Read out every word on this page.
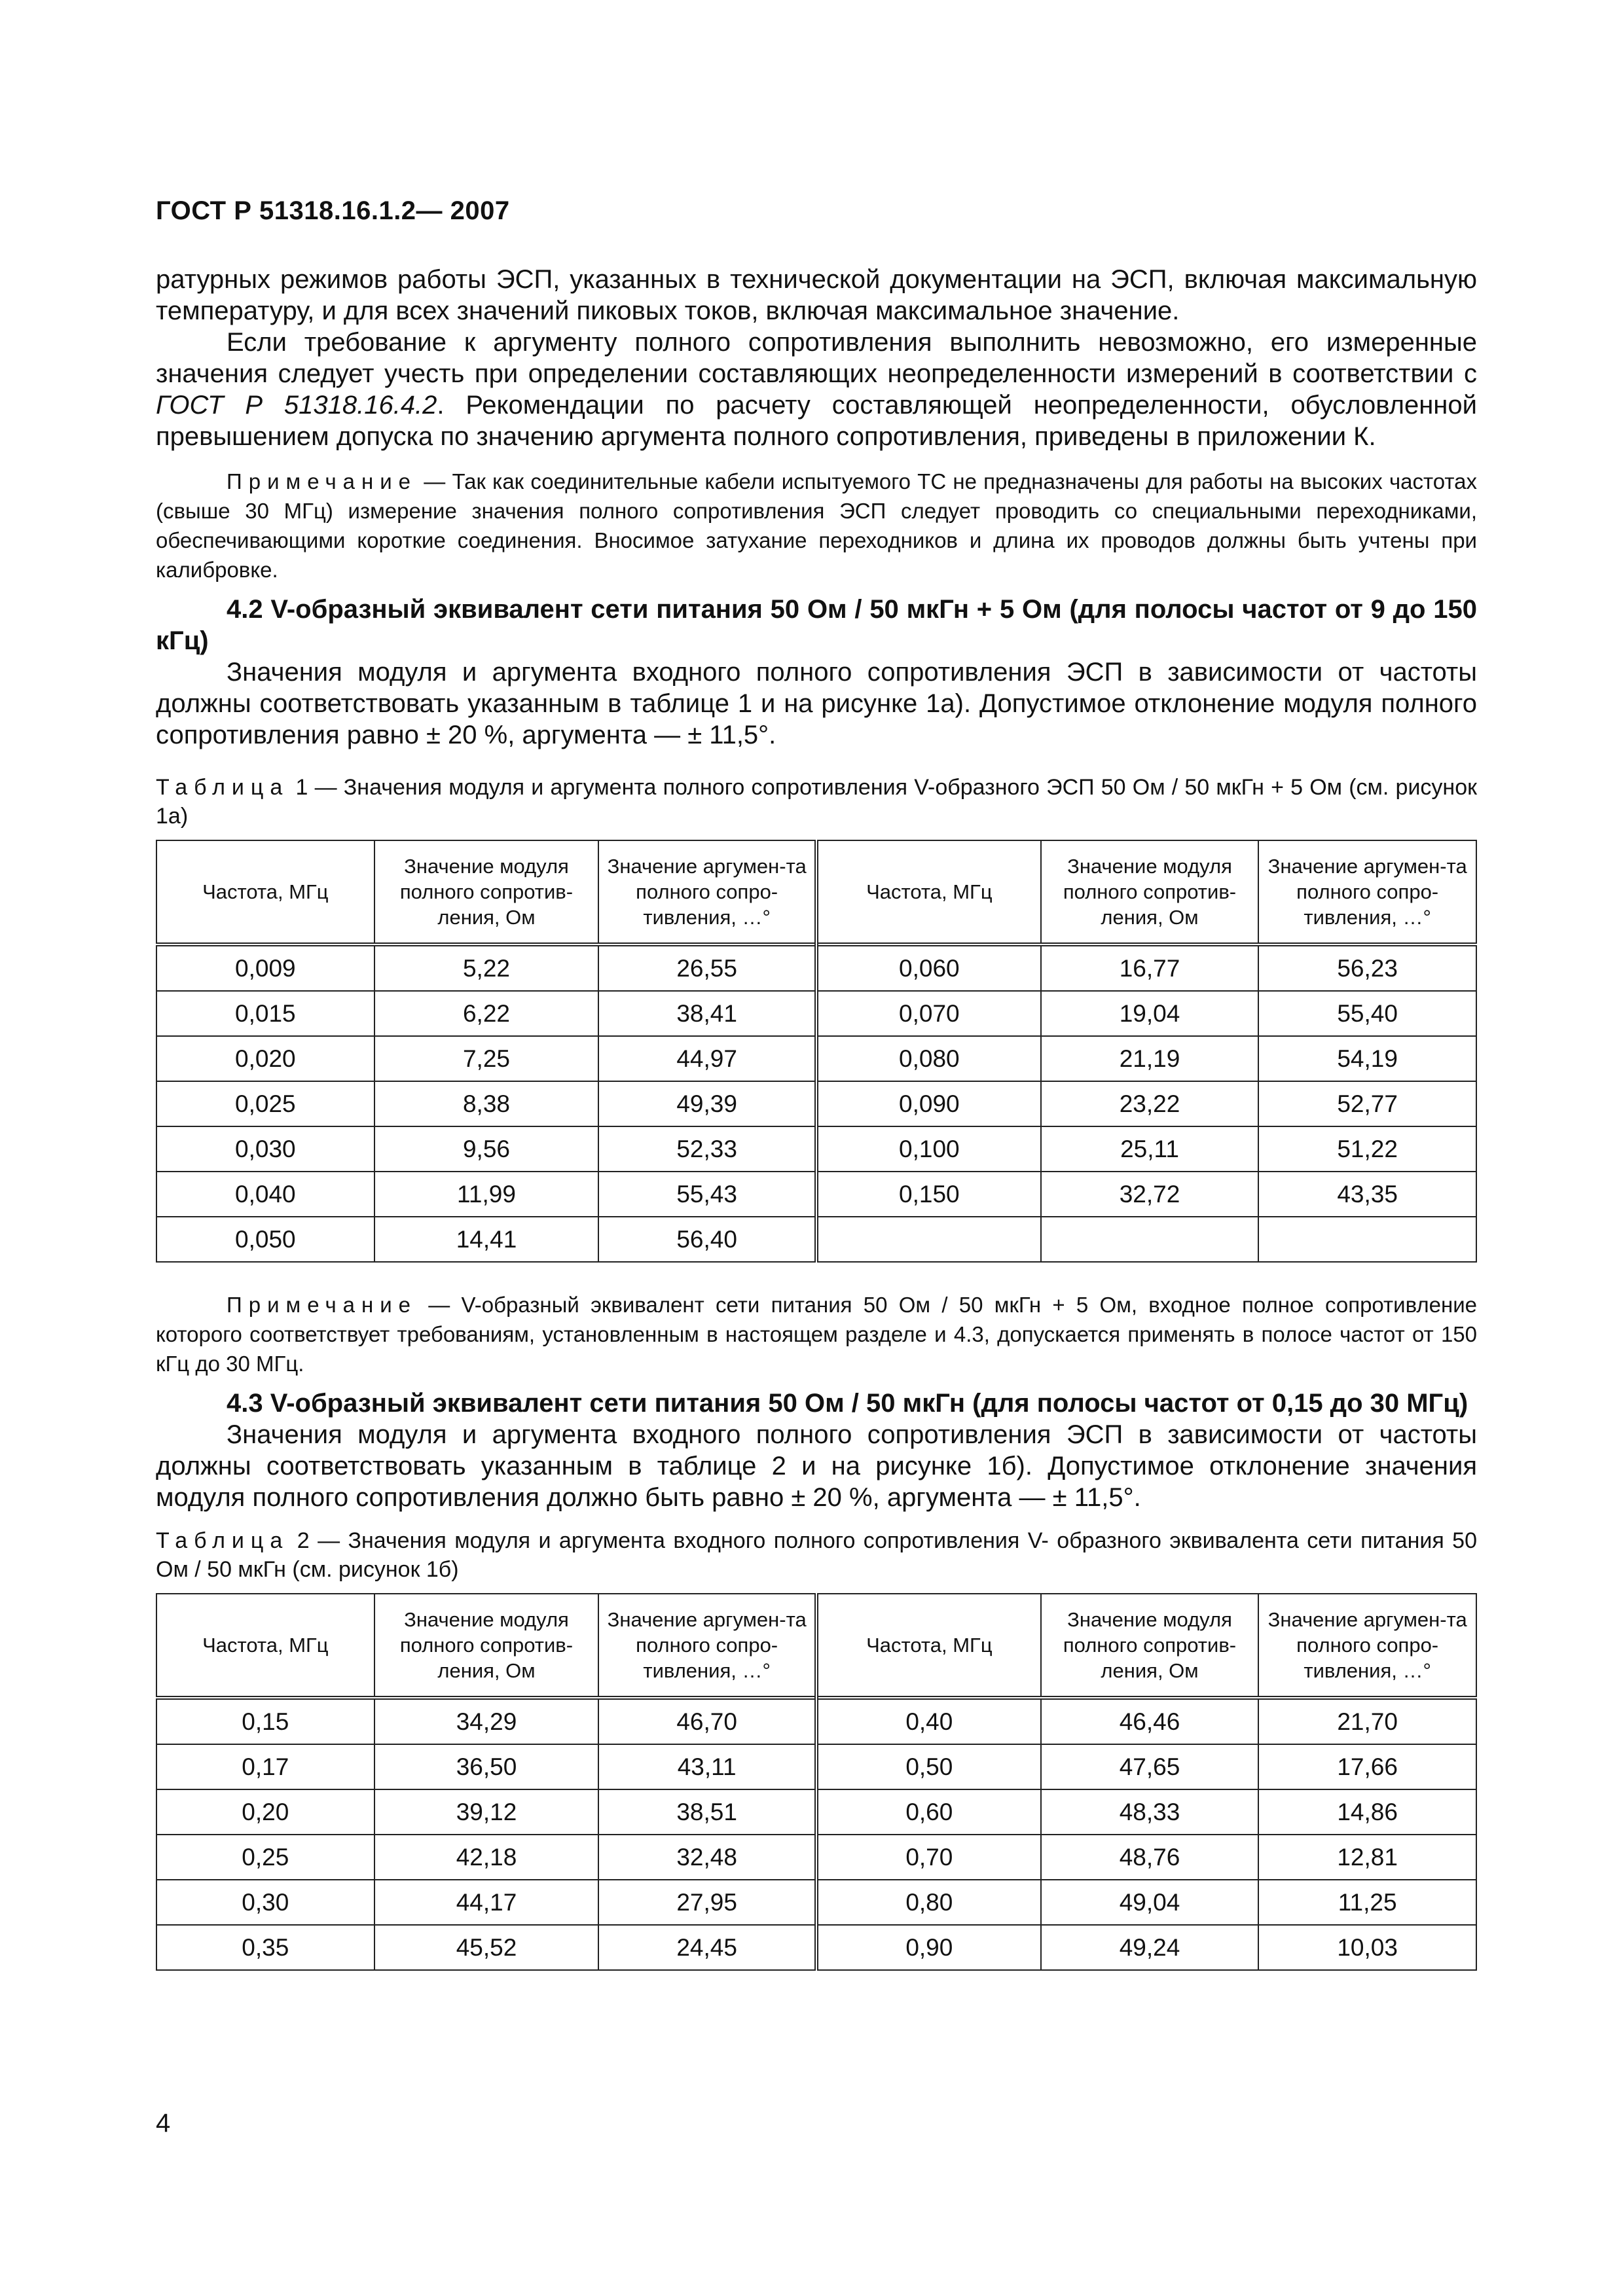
ГОСТ Р 51318.16.1.2— 2007

ратурных режимов работы ЭСП, указанных в технической документации на ЭСП, включая максимальную температуру, и для всех значений пиковых токов, включая максимальное значение.

Если требование к аргументу полного сопротивления выполнить невозможно, его измеренные значения следует учесть при определении составляющих неопределенности измерений в соответствии с ГОСТ Р 51318.16.4.2. Рекомендации по расчету составляющей неопределенности, обусловленной превышением допуска по значению аргумента полного сопротивления, приведены в приложении К.

Примечание — Так как соединительные кабели испытуемого ТС не предназначены для работы на высоких частотах (свыше 30 МГц) измерение значения полного сопротивления ЭСП следует проводить со специальными переходниками, обеспечивающими короткие соединения. Вносимое затухание переходников и длина их проводов должны быть учтены при калибровке.

4.2 V-образный эквивалент сети питания 50 Ом / 50 мкГн + 5 Ом (для полосы частот от 9 до 150 кГц)

Значения модуля и аргумента входного полного сопротивления ЭСП в зависимости от частоты должны соответствовать указанным в таблице 1 и на рисунке 1а). Допустимое отклонение модуля полного сопротивления равно ± 20 %, аргумента — ± 11,5°.

Таблица 1 — Значения модуля и аргумента полного сопротивления V-образного ЭСП 50 Ом / 50 мкГн + 5 Ом (см. рисунок 1а)

Частота, МГц	Значение модуля полного сопротив-ления, Ом	Значение аргумен-та полного сопро-тивления, …°	Частота, МГц	Значение модуля полного сопротив-ления, Ом	Значение аргумен-та полного сопро-тивления, …°
0,009	5,22	26,55	0,060	16,77	56,23
0,015	6,22	38,41	0,070	19,04	55,40
0,020	7,25	44,97	0,080	21,19	54,19
0,025	8,38	49,39	0,090	23,22	52,77
0,030	9,56	52,33	0,100	25,11	51,22
0,040	11,99	55,43	0,150	32,72	43,35
0,050	14,41	56,40			

Примечание — V-образный эквивалент сети питания 50 Ом / 50 мкГн + 5 Ом, входное полное сопротивление которого соответствует требованиям, установленным в настоящем разделе и 4.3, допускается применять в полосе частот от 150 кГц до 30 МГц.

4.3 V-образный эквивалент сети питания 50 Ом / 50 мкГн (для полосы частот от 0,15 до 30 МГц)

Значения модуля и аргумента входного полного сопротивления ЭСП в зависимости от частоты должны соответствовать указанным в таблице 2 и на рисунке 1б). Допустимое отклонение значения модуля полного сопротивления должно быть равно ± 20 %, аргумента — ± 11,5°.

Таблица 2 — Значения модуля и аргумента входного полного сопротивления V- образного эквивалента сети питания 50 Ом / 50 мкГн (см. рисунок 1б)

Частота, МГц	Значение модуля полного сопротив-ления, Ом	Значение аргумен-та полного сопро-тивления, …°	Частота, МГц	Значение модуля полного сопротив-ления, Ом	Значение аргумен-та полного сопро-тивления, …°
0,15	34,29	46,70	0,40	46,46	21,70
0,17	36,50	43,11	0,50	47,65	17,66
0,20	39,12	38,51	0,60	48,33	14,86
0,25	42,18	32,48	0,70	48,76	12,81
0,30	44,17	27,95	0,80	49,04	11,25
0,35	45,52	24,45	0,90	49,24	10,03
4
